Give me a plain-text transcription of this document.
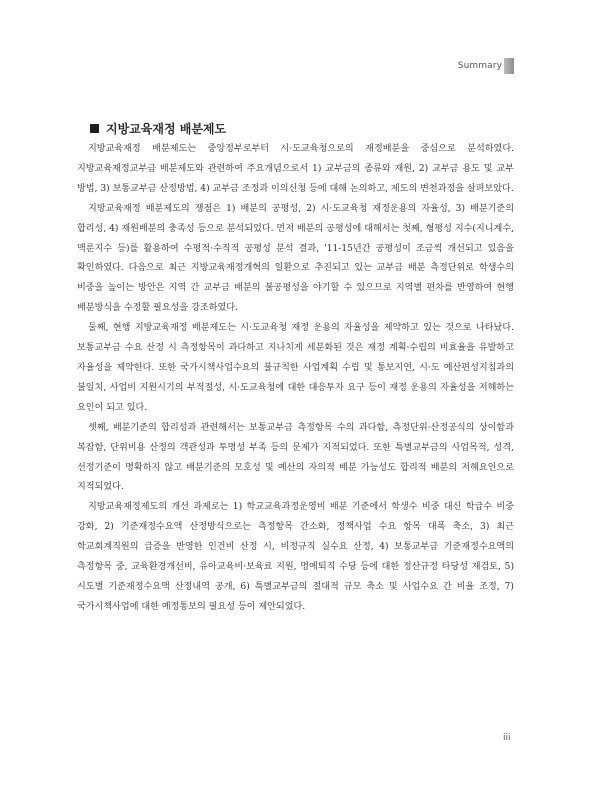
Summary
지방교육재정 배분제도

지방교육재정 배분제도는 중앙정부로부터 시·도교육청으로의 재정배분을 중심으로 분석하였다. 지방교육재정교부금 배분제도와 관련하여 주요개념으로서 1) 교부금의 종류와 재원, 2) 교부금 용도 및 교부 방법, 3) 보통교부금 산정방법, 4) 교부금 조정과 이의신청 등에 대해 논의하고, 제도의 변천과정을 살펴보았다.

지방교육재정 배분제도의 쟁점은 1) 배분의 공평성, 2) 시·도교육청 재정운용의 자율성, 3) 배분기준의 합리성, 4) 재원배분의 충족성 등으로 분석되었다. 먼저 배분의 공평성에 대해서는 첫째, 형평성 지수(지니계수, 맥룬지수 등)를 활용하여 수평적·수직적 공평성 분석 결과, '11-15년간 공평성이 조금씩 개선되고 있음을 확인하였다. 다음으로 최근 지방교육재정개혁의 일환으로 추진되고 있는 교부금 배분 측정단위로 학생수의 비중을 높이는 방안은 지역 간 교부금 배분의 불공평성을 야기할 수 있으므로 지역별 편차를 반영하여 현행 배분방식을 수정할 필요성을 강조하였다.

둘째, 현행 지방교육재정 배분제도는 시·도교육청 재정 운용의 자율성을 제약하고 있는 것으로 나타났다. 보통교부금 수요 산정 시 측정항목이 과다하고 지나치게 세분화된 것은 재정 계획·수립의 비효율을 유발하고 자율성을 제약한다. 또한 국가시책사업수요의 불규칙한 사업계획 수립 및 통보지연, 시·도 예산편성지침과의 불일치, 사업비 지원시기의 부적절성, 시·도교육청에 대한 대응투자 요구 등이 재정 운용의 자율성을 저해하는 요인이 되고 있다.

셋째, 배분기준의 합리성과 관련해서는 보통교부금 측정항목 수의 과다함, 측정단위·산정공식의 상이함과 복잡함, 단위비용 산정의 객관성과 투명성 부족 등의 문제가 지적되었다. 또한 특별교부금의 사업목적, 성격, 선정기준이 명확하지 않고 배분기준의 모호성 및 예산의 자의적 배분 가능성도 합리적 배분의 저해요인으로 지적되었다.

지방교육재정제도의 개선 과제로는 1) 학교교육과정운영비 배분 기준에서 학생수 비중 대신 학급수 비중 강화, 2) 기준재정수요액 산정방식으로는 측정항목 간소화, 정책사업 수요 항목 대폭 축소, 3) 최근 학교회계직원의 급증을 반영한 인건비 산정 시, 비정규직 실수요 산정, 4) 보통교부금 기준재정수요액의 측정항목 중, 교육환경개선비, 유아교육비·보육료 지원, 명예퇴직 수당 등에 대한 정산규정 타당성 재검토, 5) 시도별 기준재정수요액 산정내역 공개, 6) 특별교부금의 절대적 규모 축소 및 사업수요 간 비율 조정, 7) 국가시책사업에 대한 예정통보의 필요성 등이 제안되었다.

iii
